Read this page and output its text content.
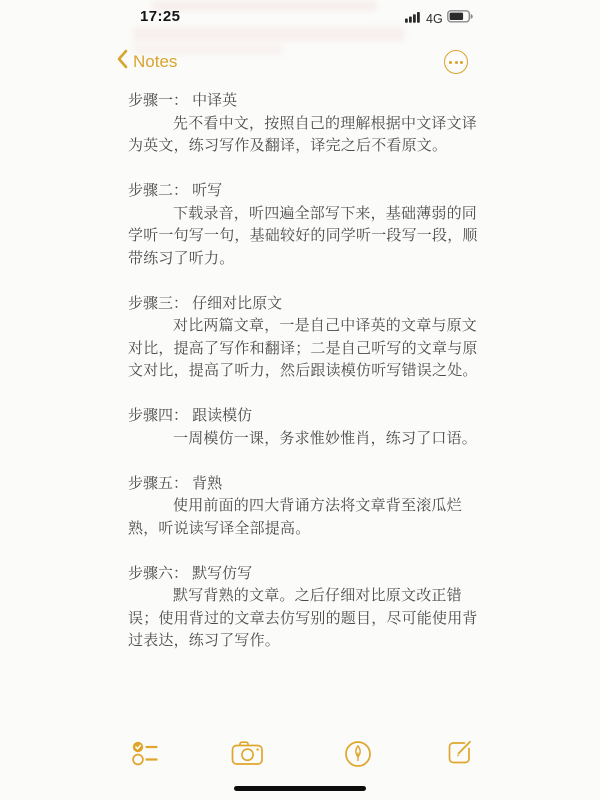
17:25	4G
Notes
步骤一： 中译英

先不看中文，按照自己的理解根据中文译文译为英文，练习写作及翻译，译完之后不看原文。

步骤二： 听写

下载录音，听四遍全部写下来，基础薄弱的同学听一句写一句，基础较好的同学听一段写一段，顺带练习了听力。

步骤三： 仔细对比原文

对比两篇文章，一是自己中译英的文章与原文对比，提高了写作和翻译；二是自己听写的文章与原文对比，提高了听力，然后跟读模仿听写错误之处。

步骤四： 跟读模仿

一周模仿一课，务求惟妙惟肖，练习了口语。

步骤五： 背熟

使用前面的四大背诵方法将文章背至滚瓜烂熟，听说读写译全部提高。

步骤六： 默写仿写

默写背熟的文章。之后仔细对比原文改正错误；使用背过的文章去仿写别的题目，尽可能使用背过表达，练习了写作。
